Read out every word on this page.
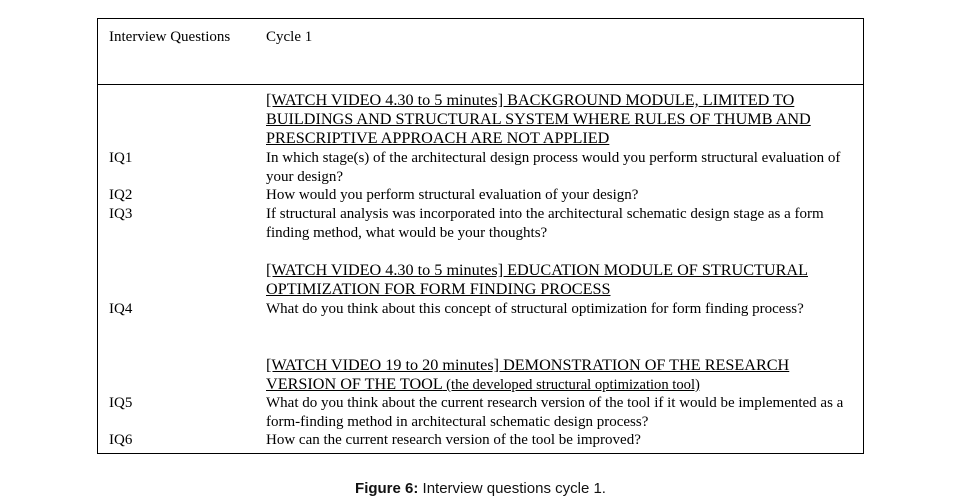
Interview Questions Cycle 1
[WATCH VIDEO 4.30 to 5 minutes] BACKGROUND MODULE, LIMITED TO
BUILDINGS AND STRUCTURAL SYSTEM WHERE RULES OF THUMB AND
PRESCRIPTIVE APPROACH ARE NOT APPLIED
IQ1	In which stage(s) of the architectural design process would you perform structural evaluation of your design?
IQ2	How would you perform structural evaluation of your design?
IQ3	If structural analysis was incorporated into the architectural schematic design stage as a form finding method, what would be your thoughts?
[WATCH VIDEO 4.30 to 5 minutes] EDUCATION MODULE OF STRUCTURAL
OPTIMIZATION FOR FORM FINDING PROCESS
IQ4	What do you think about this concept of structural optimization for form finding process?
[WATCH VIDEO 19 to 20 minutes] DEMONSTRATION OF THE RESEARCH
VERSION OF THE TOOL (the developed structural optimization tool)
IQ5	What do you think about the current research version of the tool if it would be implemented as a form-finding method in architectural schematic design process?
IQ6	How can the current research version of the tool be improved?
Figure 6: Interview questions cycle 1.
